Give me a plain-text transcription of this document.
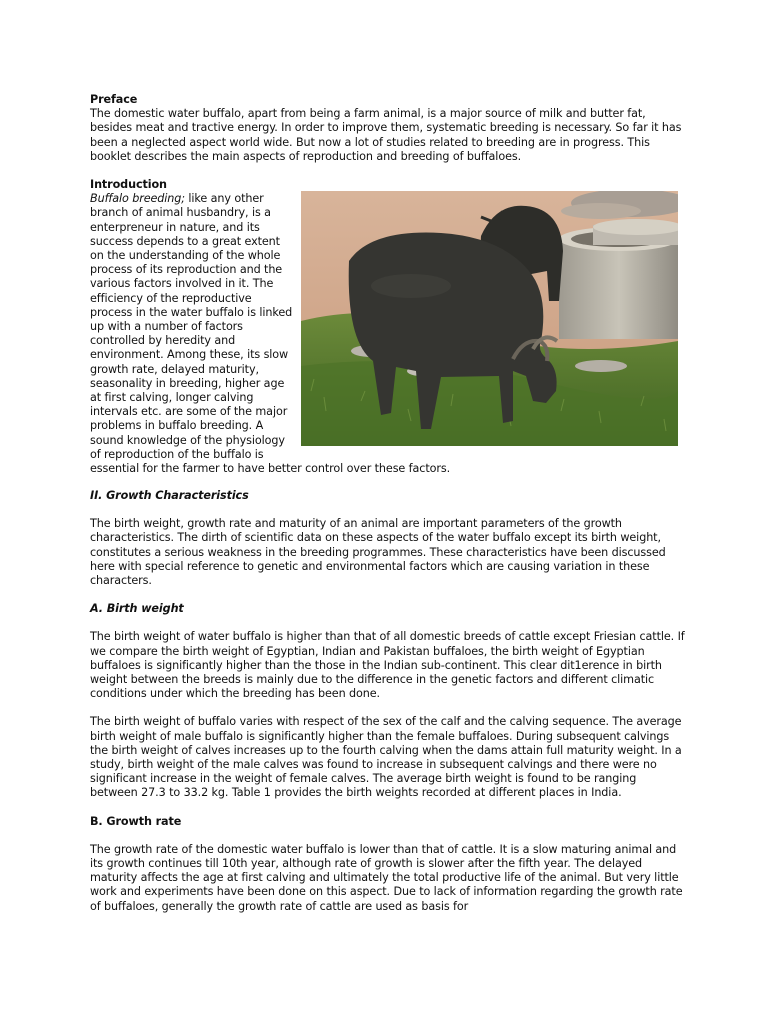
Preface

The domestic water buffalo, apart from being a farm animal, is a major source of milk and butter fat, besides meat and tractive energy. In order to improve them, systematic breeding is necessary. So far it has been a neglected aspect world wide. But now a lot of studies related to breeding are in progress. This booklet describes the main aspects of reproduction and breeding of buffaloes.

Introduction

Buffalo breeding; like any other branch of animal husbandry, is a enterpreneur in nature, and its success depends to a great extent on the understanding of the whole process of its reproduction and the various factors involved in it. The efficiency of the reproductive process in the water buffalo is linked up with a number of factors controlled by heredity and environment. Among these, its slow growth rate, delayed maturity, seasonality in breeding, higher age at first calving, longer calving intervals etc. are some of the major problems in buffalo breeding. A sound knowledge of the physiology of reproduction of the buffalo is

essential for the farmer to have better control over these factors.

II. Growth Characteristics

The birth weight, growth rate and maturity of an animal are important parameters of the growth characteristics. The dirth of scientific data on these aspects of the water buffalo except its birth weight, constitutes a serious weakness in the breeding programmes. These characteristics have been discussed here with special reference to genetic and environmental factors which are causing variation in these characters.

A. Birth weight

The birth weight of water buffalo is higher than that of all domestic breeds of cattle except Friesian cattle. If we compare the birth weight of Egyptian, Indian and Pakistan buffaloes, the birth weight of Egyptian buffaloes is significantly higher than the those in the Indian sub-continent. This clear dit1erence in birth weight between the breeds is mainly due to the difference in the genetic factors and different climatic conditions under which the breeding has been done.

The birth weight of buffalo varies with respect of the sex of the calf and the calving sequence. The average birth weight of male buffalo is significantly higher than the female buffaloes. During subsequent calvings the birth weight of calves increases up to the fourth calving when the dams attain full maturity weight. In a study, birth weight of the male calves was found to increase in subsequent calvings and there were no significant increase in the weight of female calves. The average birth weight is found to be ranging between 27.3 to 33.2 kg. Table 1 provides the birth weights recorded at different places in India.

B. Growth rate

The growth rate of the domestic water buffalo is lower than that of cattle. It is a slow maturing animal and its growth continues till 10th year, although rate of growth is slower after the fifth year. The delayed maturity affects the age at first calving and ultimately the total productive life of the animal. But very little work and experiments have been done on this aspect. Due to lack of information regarding the growth rate of buffaloes, generally the growth rate of cattle are used as basis for
